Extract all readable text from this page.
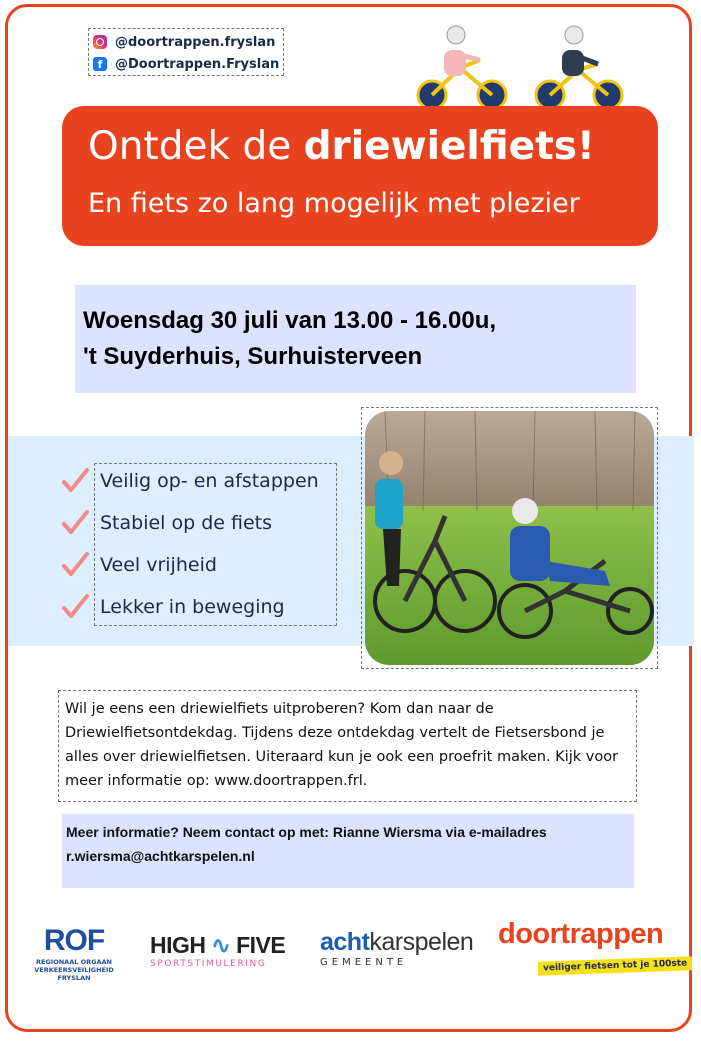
@doortrappen.fryslan
f @Doortrappen.Fryslan
Ontdek de driewielfiets!
En fiets zo lang mogelijk met plezier
Woensdag 30 juli van 13.00 - 16.00u,
't Suyderhuis, Surhuisterveen
Veilig op- en afstappen
Stabiel op de fiets
Veel vrijheid
Lekker in beweging

Wil je eens een driewielfiets uitproberen? Kom dan naar de Driewielfietsontdekdag. Tijdens deze ontdekdag vertelt de Fietsersbond je alles over driewielfietsen. Uiteraard kun je ook een proefrit maken. Kijk voor meer informatie op: www.doortrappen.frl.

Meer informatie? Neem contact op met: Rianne Wiersma via e-mailadres
r.wiersma@achtkarspelen.nl

ROF
REGIONAAL ORGAAN VERKEERSVEILIGHEID FRYSLAN
HIGH ∿ FIVE
SPORTSTIMULERING
achtkarspelen
GEMEENTE
doortrappen
veiliger fietsen tot je 100ste
